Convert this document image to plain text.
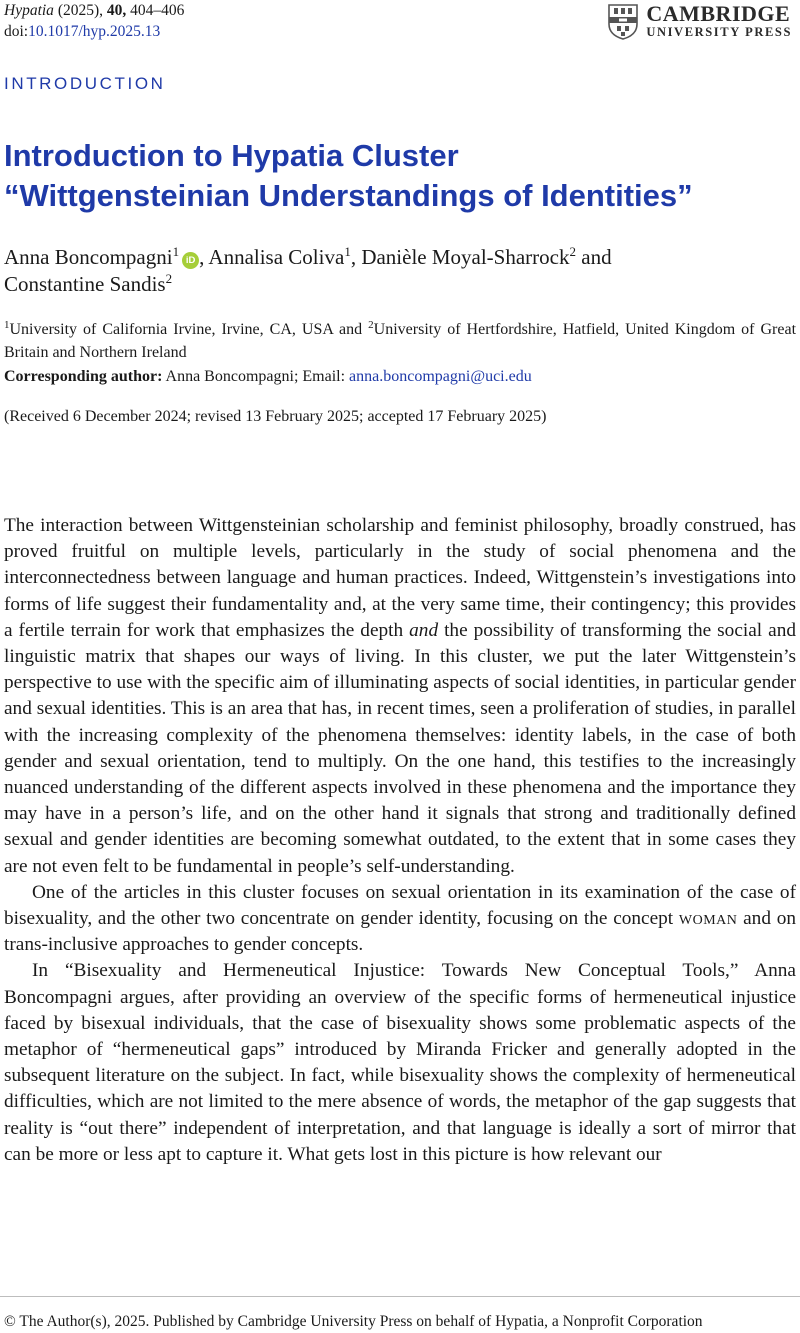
Hypatia (2025), 40, 404–406
doi:10.1017/hyp.2025.13
CAMBRIDGE
UNIVERSITY PRESS
INTRODUCTION
Introduction to Hypatia Cluster
“Wittgensteinian Understandings of Identities”
Anna Boncompagni$^1$iD , Annalisa Coliva$^1$, Danièle Moyal-Sharrock$^2$ and
Constantine Sandis$^2$
$^1$University of California Irvine, Irvine, CA, USA and $^2$University of Hertfordshire, Hatfield, United Kingdom of Great Britain and Northern Ireland
Corresponding author: Anna Boncompagni; Email: anna.boncompagni@uci.edu
(Received 6 December 2024; revised 13 February 2025; accepted 17 February 2025)

The interaction between Wittgensteinian scholarship and feminist philosophy, broadly construed, has proved fruitful on multiple levels, particularly in the study of social phenomena and the interconnectedness between language and human practices. Indeed, Wittgenstein’s investigations into forms of life suggest their fundamentality and, at the very same time, their contingency; this provides a fertile terrain for work that emphasizes the depth and the possibility of transforming the social and linguistic matrix that shapes our ways of living. In this cluster, we put the later Wittgenstein’s perspective to use with the specific aim of illuminating aspects of social identities, in particular gender and sexual identities. This is an area that has, in recent times, seen a proliferation of studies, in parallel with the increasing complexity of the phenomena themselves: identity labels, in the case of both gender and sexual orientation, tend to multiply. On the one hand, this testifies to the increasingly nuanced understanding of the different aspects involved in these phenomena and the importance they may have in a person’s life, and on the other hand it signals that strong and traditionally defined sexual and gender identities are becoming somewhat outdated, to the extent that in some cases they are not even felt to be fundamental in people’s self-understanding.

One of the articles in this cluster focuses on sexual orientation in its examination of the case of bisexuality, and the other two concentrate on gender identity, focusing on the concept woman and on trans-inclusive approaches to gender concepts.

In “Bisexuality and Hermeneutical Injustice: Towards New Conceptual Tools,” Anna Boncompagni argues, after providing an overview of the specific forms of hermeneutical injustice faced by bisexual individuals, that the case of bisexuality shows some problematic aspects of the metaphor of “hermeneutical gaps” introduced by Miranda Fricker and generally adopted in the subsequent literature on the subject. In fact, while bisexuality shows the complexity of hermeneutical difficulties, which are not limited to the mere absence of words, the metaphor of the gap suggests that reality is “out there” independent of interpretation, and that language is ideally a sort of mirror that can be more or less apt to capture it. What gets lost in this picture is how relevant our

© The Author(s), 2025. Published by Cambridge University Press on behalf of Hypatia, a Nonprofit Corporation
